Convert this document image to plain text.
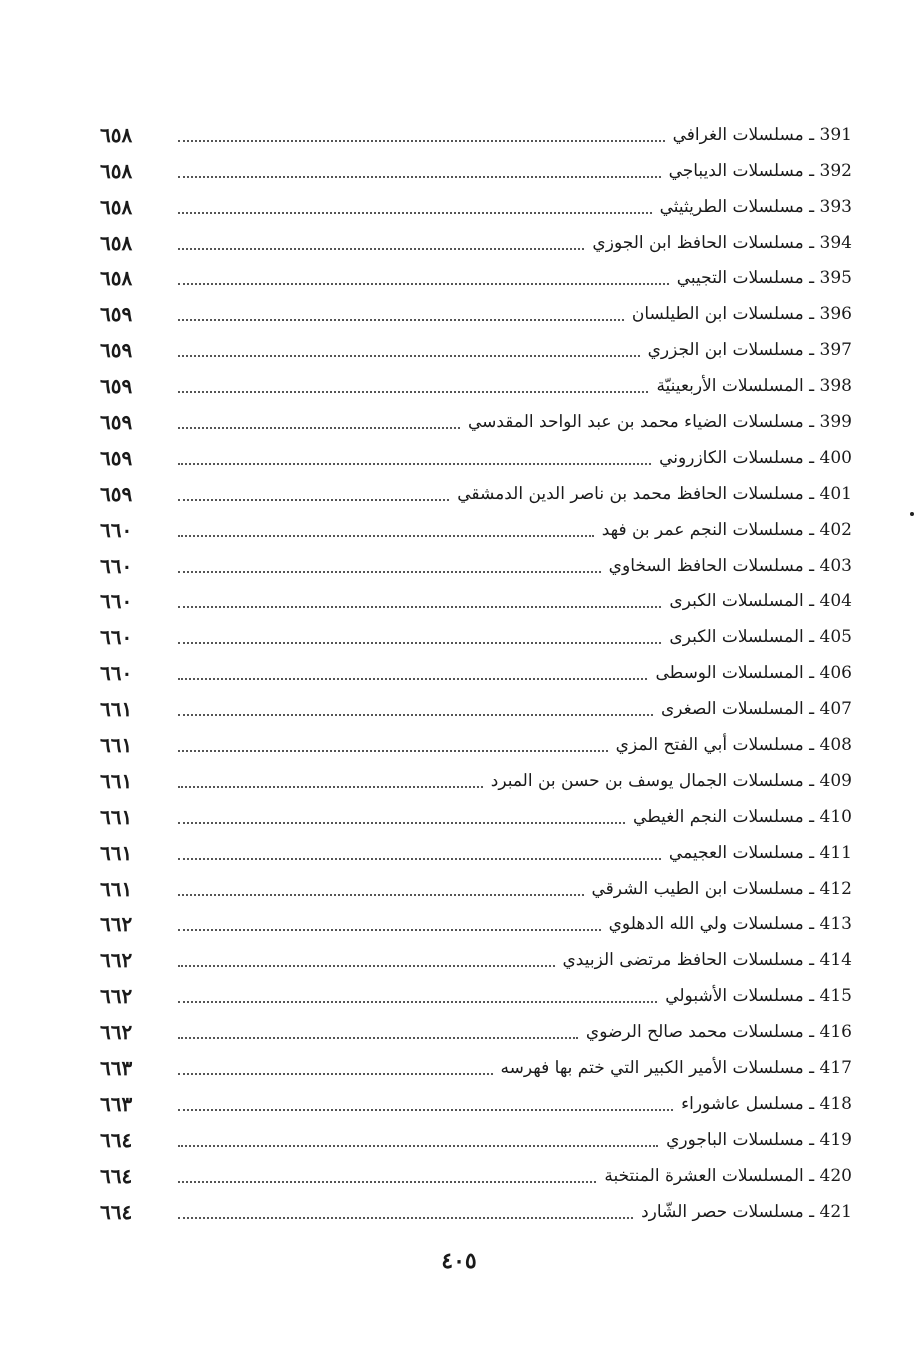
391 ـ مسلسلات الغرافي
٦٥٨
392 ـ مسلسلات الديباجي
٦٥٨
393 ـ مسلسلات الطريثيثي
٦٥٨
394 ـ مسلسلات الحافظ ابن الجوزي
٦٥٨
395 ـ مسلسلات التجيبي
٦٥٨
396 ـ مسلسلات ابن الطيلسان
٦٥٩
397 ـ مسلسلات ابن الجزري
٦٥٩
398 ـ المسلسلات الأربعينيّة
٦٥٩
399 ـ مسلسلات الضياء محمد بن عبد الواحد المقدسي
٦٥٩
400 ـ مسلسلات الكازروني
٦٥٩
401 ـ مسلسلات الحافظ محمد بن ناصر الدين الدمشقي
٦٥٩
402 ـ مسلسلات النجم عمر بن فهد
٦٦٠
403 ـ مسلسلات الحافظ السخاوي
٦٦٠
404 ـ المسلسلات الكبرى
٦٦٠
405 ـ المسلسلات الكبرى
٦٦٠
406 ـ المسلسلات الوسطى
٦٦٠
407 ـ المسلسلات الصغرى
٦٦١
408 ـ مسلسلات أبي الفتح المزي
٦٦١
409 ـ مسلسلات الجمال يوسف بن حسن بن المبرد
٦٦١
410 ـ مسلسلات النجم الغيطي
٦٦١
411 ـ مسلسلات العجيمي
٦٦١
412 ـ مسلسلات ابن الطيب الشرقي
٦٦١
413 ـ مسلسلات ولي الله الدهلوي
٦٦٢
414 ـ مسلسلات الحافظ مرتضى الزبيدي
٦٦٢
415 ـ مسلسلات الأشبولي
٦٦٢
416 ـ مسلسلات محمد صالح الرضوي
٦٦٢
417 ـ مسلسلات الأمير الكبير التي ختم بها فهرسه
٦٦٣
418 ـ مسلسل عاشوراء
٦٦٣
419 ـ مسلسلات الباجوري
٦٦٤
420 ـ المسلسلات العشرة المنتخبة
٦٦٤
421 ـ مسلسلات حصر الشّارد
٦٦٤
٤٠٥
